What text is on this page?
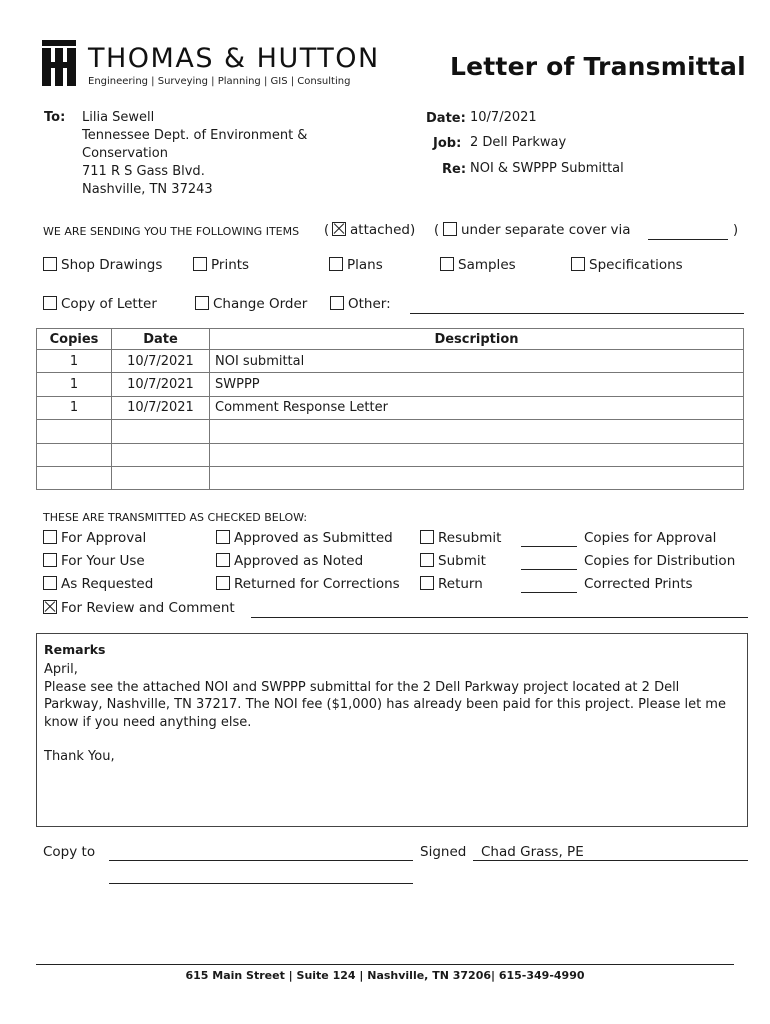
THOMAS & HUTTON
Engineering | Surveying | Planning | GIS | Consulting
Letter of Transmittal
To: Lilia Sewell
Tennessee Dept. of Environment &
Conservation
711 R S Gass Blvd.
Nashville, TN 37243
Date: 10/7/2021
Job: 2 Dell Parkway
Re: NOI & SWPPP Submittal
WE ARE SENDING YOU THE FOLLOWING ITEMS (	attached) (	under separate cover via	)
Shop Drawings	Prints	Plans	Samples	Specifications
Copy of Letter	Change Order	Other:
Copies	Date	Description
1	10/7/2021	NOI submittal
1	10/7/2021	SWPPP
1	10/7/2021	Comment Response Letter

THESE ARE TRANSMITTED AS CHECKED BELOW:
For Approval
For Your Use
As Requested
For Review and Comment
Approved as Submitted
Approved as Noted
Returned for Corrections
Resubmit
Submit
Return
Copies for Approval
Copies for Distribution
Corrected Prints
Remarks

April,

Please see the attached NOI and SWPPP submittal for the 2 Dell Parkway project located at 2 Dell Parkway, Nashville, TN 37217. The NOI fee ($1,000) has already been paid for this project. Please let me know if you need anything else.

Thank You,

Copy to	Signed Chad Grass, PE
615 Main Street | Suite 124 | Nashville, TN 37206| 615-349-4990
